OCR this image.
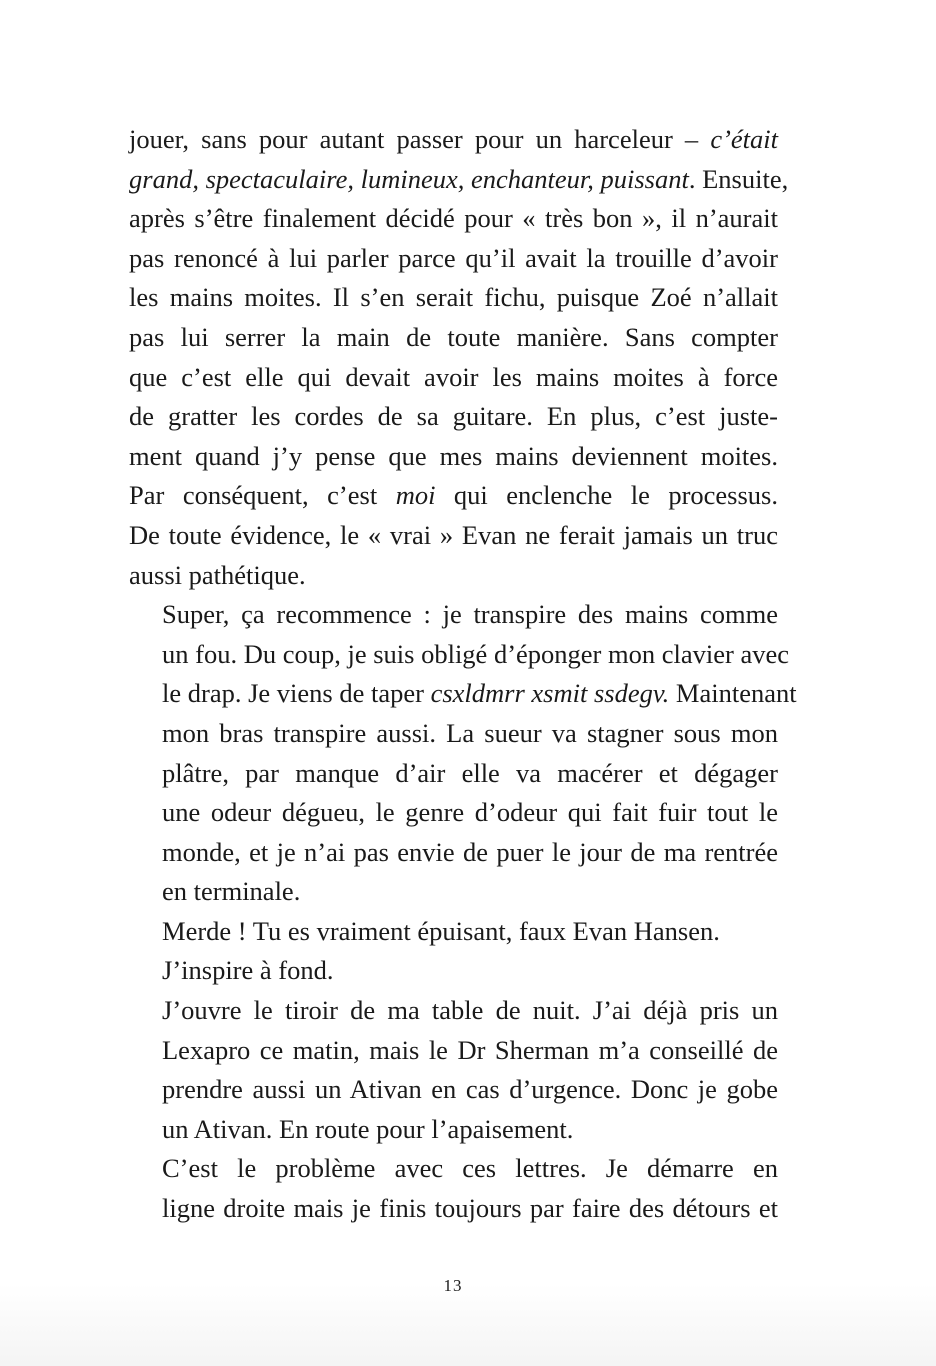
jouer, sans pour autant passer pour un harceleur – c’était
grand, spectaculaire, lumineux, enchanteur, puissant. Ensuite,
après s’être finalement décidé pour « très bon », il n’aurait
pas renoncé à lui parler parce qu’il avait la trouille d’avoir
les mains moites. Il s’en serait fichu, puisque Zoé n’allait
pas lui serrer la main de toute manière. Sans compter
que c’est elle qui devait avoir les mains moites à force
de gratter les cordes de sa guitare. En plus, c’est juste-
ment quand j’y pense que mes mains deviennent moites.
Par conséquent, c’est moi qui enclenche le processus.
De toute évidence, le « vrai » Evan ne ferait jamais un truc
aussi pathétique.

Super, ça recommence : je transpire des mains comme
un fou. Du coup, je suis obligé d’éponger mon clavier avec
le drap. Je viens de taper csxldmrr xsmit ssdegv. Maintenant
mon bras transpire aussi. La sueur va stagner sous mon
plâtre, par manque d’air elle va macérer et dégager
une odeur dégueu, le genre d’odeur qui fait fuir tout le
monde, et je n’ai pas envie de puer le jour de ma rentrée
en terminale.

Merde ! Tu es vraiment épuisant, faux Evan Hansen.

J’inspire à fond.

J’ouvre le tiroir de ma table de nuit. J’ai déjà pris un
Lexapro ce matin, mais le Dr Sherman m’a conseillé de
prendre aussi un Ativan en cas d’urgence. Donc je gobe
un Ativan. En route pour l’apaisement.

C’est le problème avec ces lettres. Je démarre en
ligne droite mais je finis toujours par faire des détours et

13
